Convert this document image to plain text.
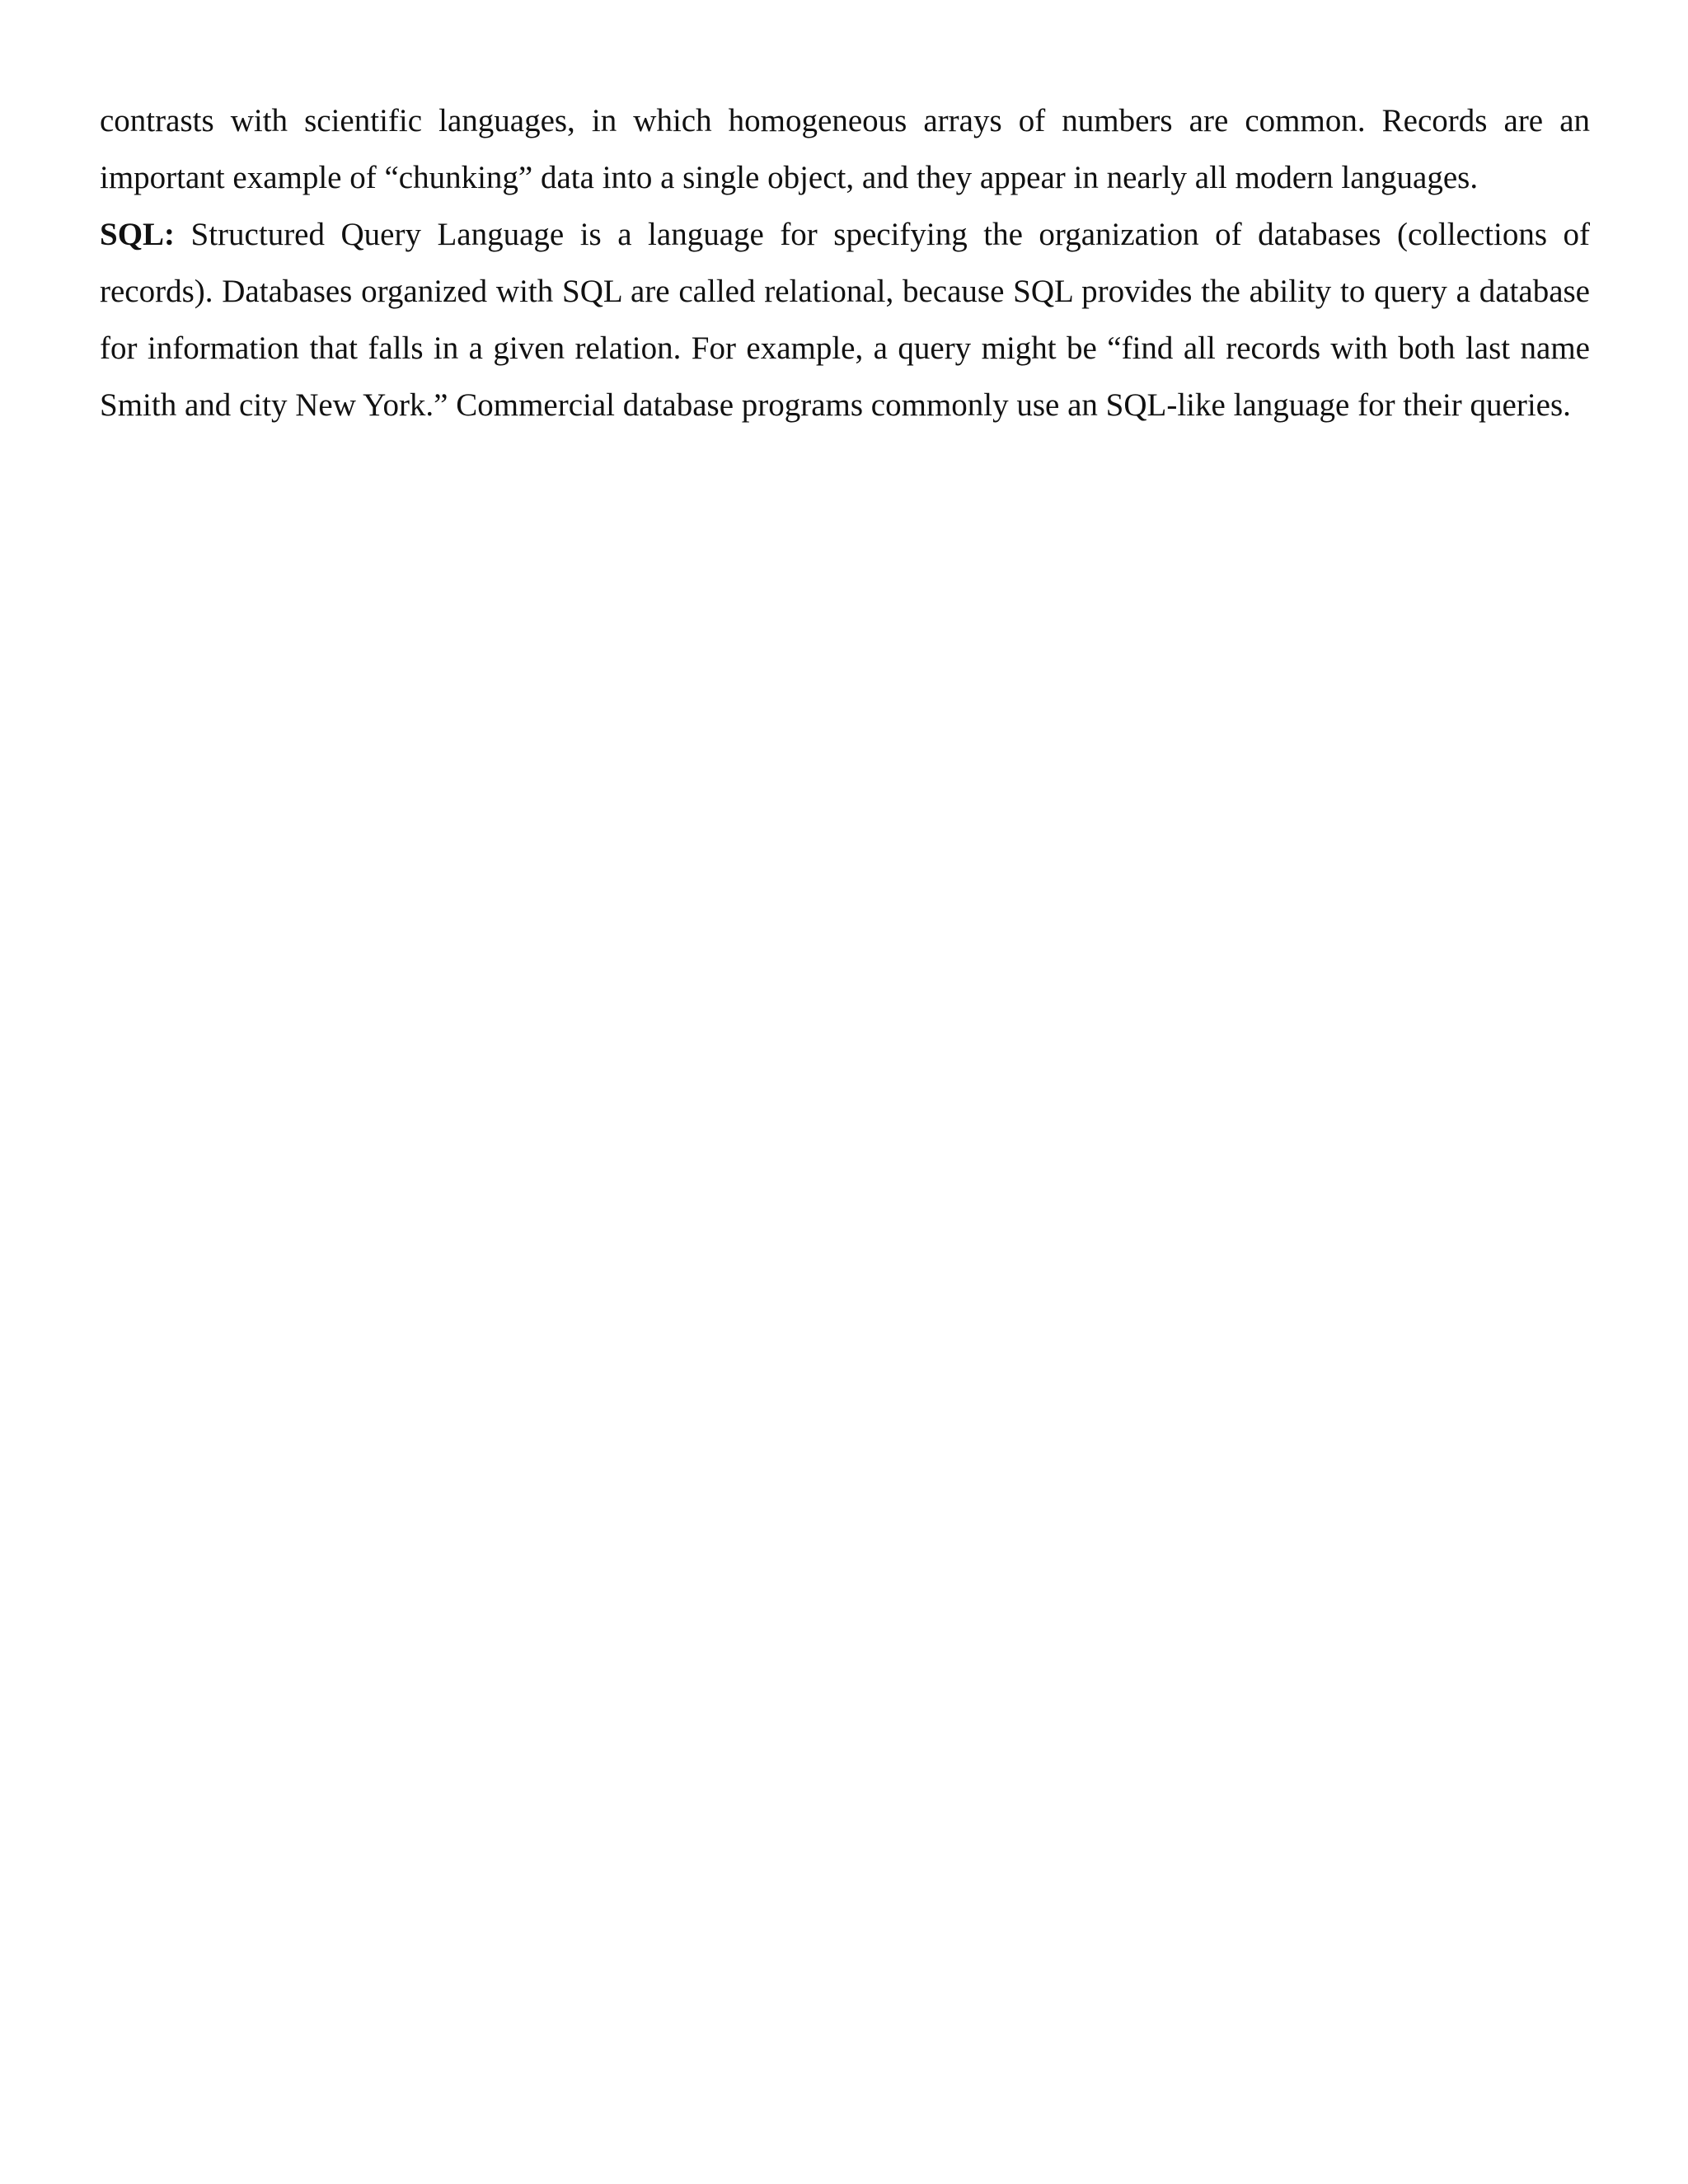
contrasts with scientific languages, in which homogeneous arrays of numbers are common. Records are an important example of “chunking” data into a single object, and they appear in nearly all modern languages.

SQL: Structured Query Language is a language for specifying the organization of databases (collections of records). Databases organized with SQL are called relational, because SQL provides the ability to query a database for information that falls in a given relation. For example, a query might be “find all records with both last name Smith and city New York.” Commercial database programs commonly use an SQL-like language for their queries.
